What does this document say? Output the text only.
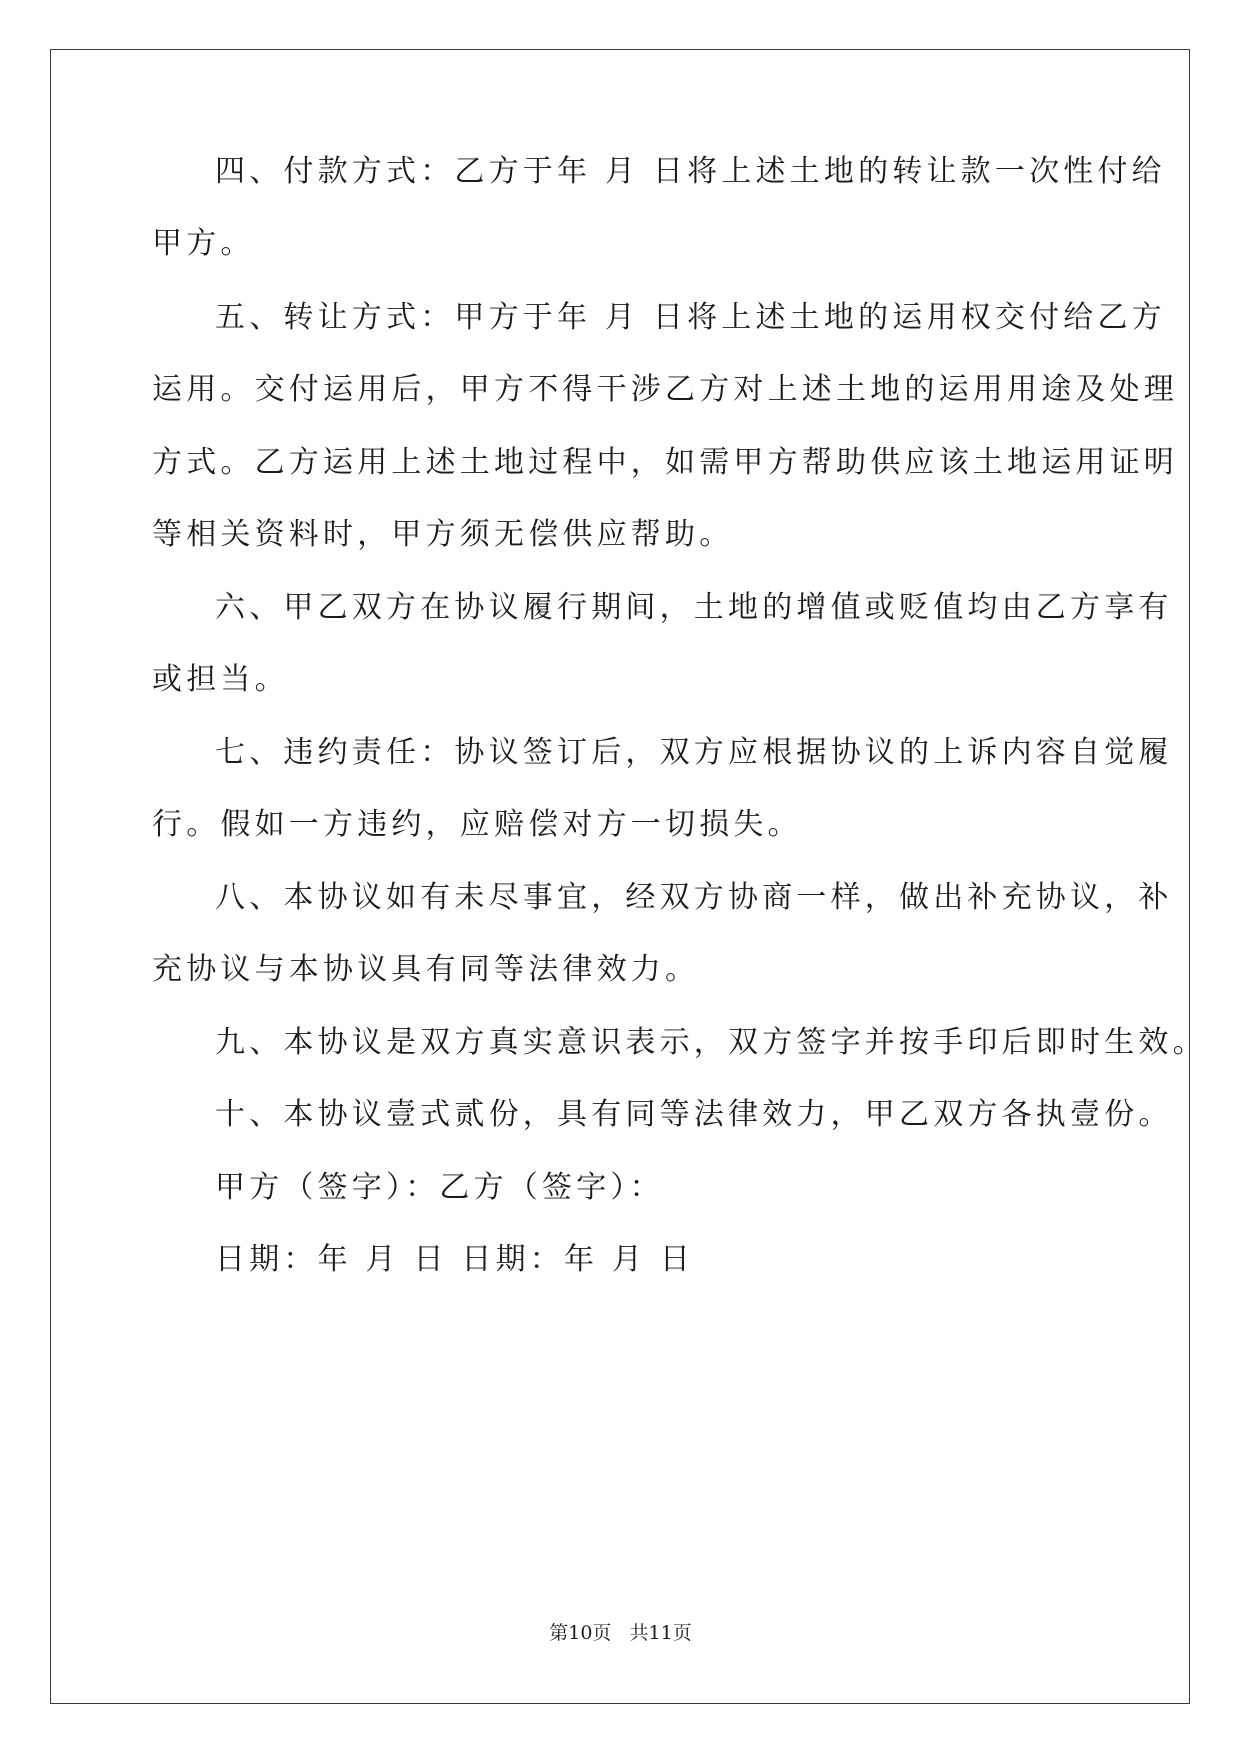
四、付款方式：乙方于年 月 日将上述土地的转让款一次性付给

甲方。

五、转让方式：甲方于年 月 日将上述土地的运用权交付给乙方

运用。交付运用后，甲方不得干涉乙方对上述土地的运用用途及处理

方式。乙方运用上述土地过程中，如需甲方帮助供应该土地运用证明

等相关资料时，甲方须无偿供应帮助。

六、甲乙双方在协议履行期间，土地的增值或贬值均由乙方享有

或担当。

七、违约责任：协议签订后，双方应根据协议的上诉内容自觉履

行。假如一方违约，应赔偿对方一切损失。

八、本协议如有未尽事宜，经双方协商一样，做出补充协议，补

充协议与本协议具有同等法律效力。

九、本协议是双方真实意识表示，双方签字并按手印后即时生效。

十、本协议壹式贰份，具有同等法律效力，甲乙双方各执壹份。

甲方（签字）：乙方（签字）：

日期：年 月 日 日期：年 月 日

第10页   共11页
